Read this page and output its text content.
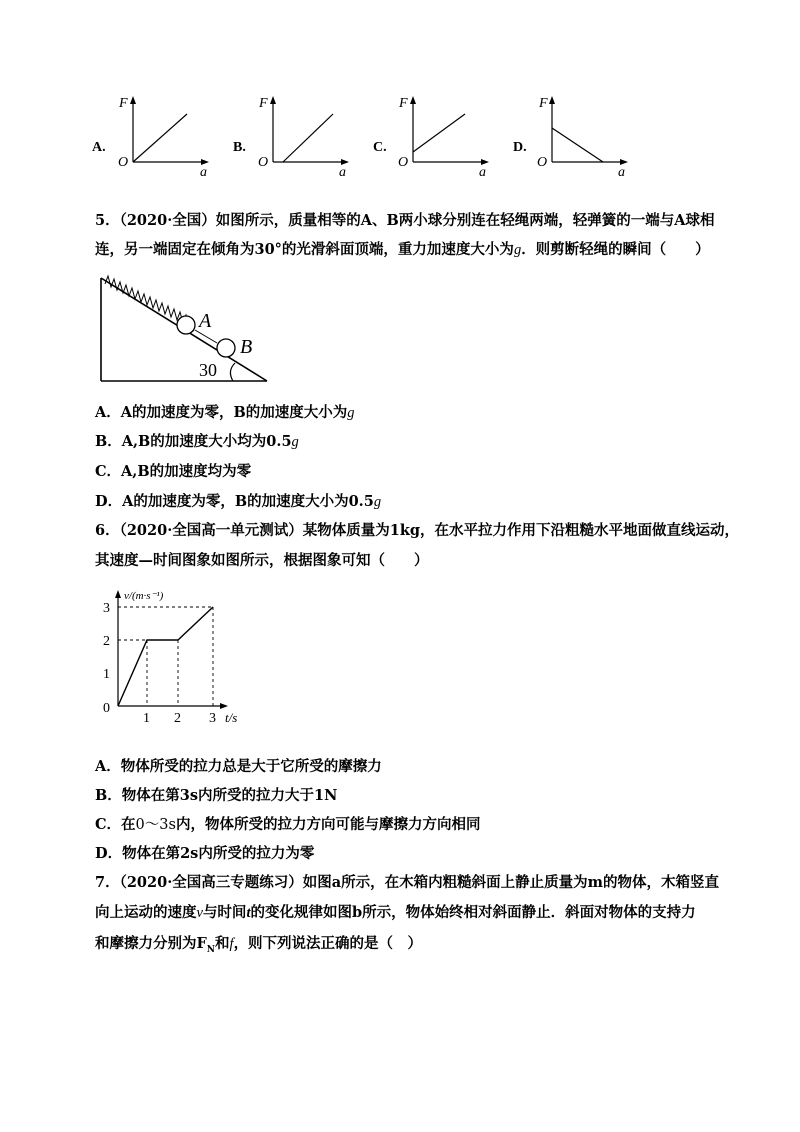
A.
F
O
a
B.
F
O
a
C.
F
O
a
D.
F
O
a
5．（2020·全国）如图所示，质量相等的A、B两小球分别连在轻绳两端，轻弹簧的一端与A球相
连，另一端固定在倾角为30°的光滑斜面顶端，重力加速度大小为g．则剪断轻绳的瞬间（　　）
A
B
30
A．A的加速度为零，B的加速度大小为g
B．A,B的加速度大小均为0.5g
C．A,B的加速度均为零
D．A的加速度为零，B的加速度大小为0.5g
6．（2020·全国高一单元测试）某物体质量为1kg，在水平拉力作用下沿粗糙水平地面做直线运动，
其速度—时间图象如图所示，根据图象可知（　　）
v/(m·s⁻¹)
0
1
2
3
1 2 3 t/s
A．物体所受的拉力总是大于它所受的摩擦力
B．物体在第3s内所受的拉力大于1N
C．在0～3s内，物体所受的拉力方向可能与摩擦力方向相同
D．物体在第2s内所受的拉力为零
7．（2020·全国高三专题练习）如图a所示，在木箱内粗糙斜面上静止质量为m的物体，木箱竖直
向上运动的速度v与时间t的变化规律如图b所示，物体始终相对斜面静止．斜面对物体的支持力
和摩擦力分别为$F_N$和f，则下列说法正确的是（　）
